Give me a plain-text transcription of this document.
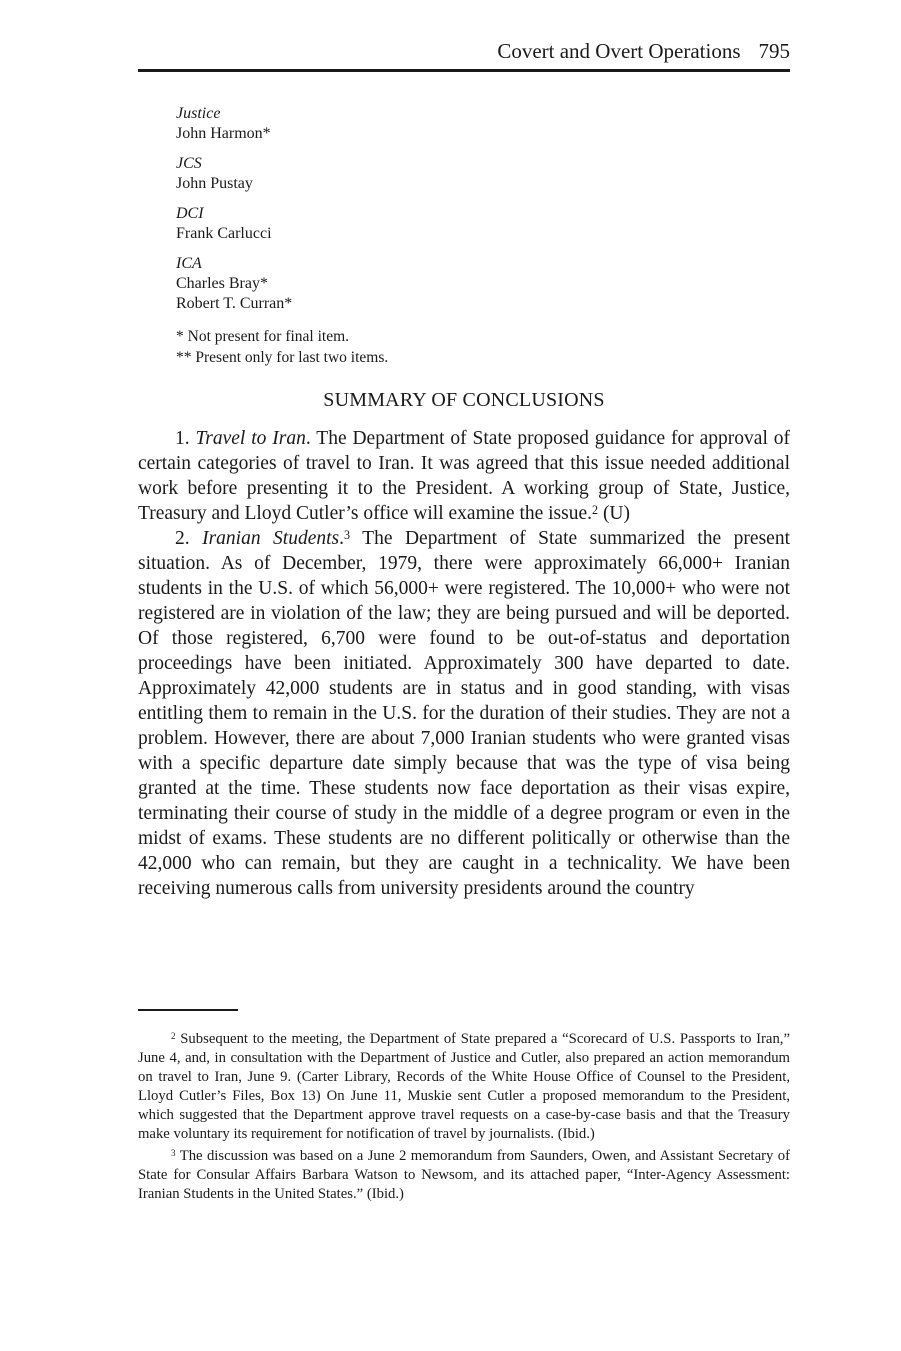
Covert and Overt Operations 795
Justice
John Harmon*
JCS
John Pustay
DCI
Frank Carlucci
ICA
Charles Bray*
Robert T. Curran*
* Not present for final item.
** Present only for last two items.
SUMMARY OF CONCLUSIONS

1. Travel to Iran. The Department of State proposed guidance for approval of certain categories of travel to Iran. It was agreed that this issue needed additional work before presenting it to the President. A working group of State, Justice, Treasury and Lloyd Cutler’s office will examine the issue.$^2$ (U)

2. Iranian Students.$^3$ The Department of State summarized the present situation. As of December, 1979, there were approximately 66,000+ Iranian students in the U.S. of which 56,000+ were registered. The 10,000+ who were not registered are in violation of the law; they are being pursued and will be deported. Of those registered, 6,700 were found to be out-of-status and deportation proceedings have been initiated. Approximately 300 have departed to date. Approximately 42,000 students are in status and in good standing, with visas entitling them to remain in the U.S. for the duration of their studies. They are not a problem. However, there are about 7,000 Iranian students who were granted visas with a specific departure date simply because that was the type of visa being granted at the time. These students now face deportation as their visas expire, terminating their course of study in the middle of a degree program or even in the midst of exams. These students are no different politically or otherwise than the 42,000 who can remain, but they are caught in a technicality. We have been receiving numerous calls from university presidents around the country

$^2$ Subsequent to the meeting, the Department of State prepared a “Scorecard of U.S. Passports to Iran,” June 4, and, in consultation with the Department of Justice and Cutler, also prepared an action memorandum on travel to Iran, June 9. (Carter Library, Records of the White House Office of Counsel to the President, Lloyd Cutler’s Files, Box 13) On June 11, Muskie sent Cutler a proposed memorandum to the President, which suggested that the Department approve travel requests on a case-by-case basis and that the Treasury make voluntary its requirement for notification of travel by journalists. (Ibid.)

$^3$ The discussion was based on a June 2 memorandum from Saunders, Owen, and Assistant Secretary of State for Consular Affairs Barbara Watson to Newsom, and its attached paper, “Inter-Agency Assessment: Iranian Students in the United States.” (Ibid.)
